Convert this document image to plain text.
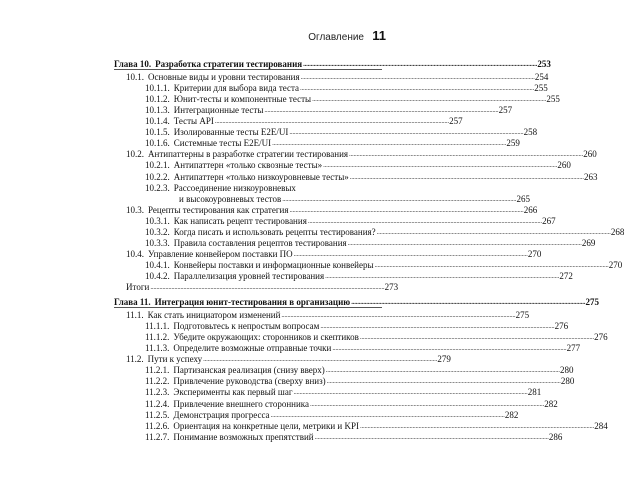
Оглавление 11
Глава 10. Разработка стратегии тестирования . . .	253
10.1. Основные виды и уровни тестирования . . .	254
10.1.1. Критерии для выбора вида теста . . .	255
10.1.2. Юнит-тесты и компонентные тесты . . .	255
10.1.3. Интеграционные тесты . . .	257
10.1.4. Тесты API . . .	257
10.1.5. Изолированные тесты E2E/UI . . .	258
10.1.6. Системные тесты E2E/UI . . .	259
10.2. Антипаттерны в разработке стратегии тестирования . . .	260
10.2.1. Антипаттерн «только сквозные тесты» . . .	260
10.2.2. Антипаттерн «только низкоуровневые тесты» . . .	263
10.2.3. Рассоединение низкоуровневых
и высокоуровневых тестов . . .	265
10.3. Рецепты тестирования как стратегия . . .	266
10.3.1. Как написать рецепт тестирования . . .	267
10.3.2. Когда писать и использовать рецепты тестирования? . . .	268
10.3.3. Правила составления рецептов тестирования . . .	269
10.4. Управление конвейером поставки ПО . . .	270
10.4.1. Конвейеры поставки и информационные конвейеры . . .	270
10.4.2. Параллелизация уровней тестирования . . .	272
Итоги . . .	273
Глава 11. Интеграция юнит-тестирования в организацию . . .	275
11.1. Как стать инициатором изменений . . .	275
11.1.1. Подготовьтесь к непростым вопросам . . .	276
11.1.2. Убедите окружающих: сторонников и скептиков . . .	276
11.1.3. Определите возможные отправные точки . . .	277
11.2. Пути к успеху . . .	279
11.2.1. Партизанская реализация (снизу вверх) . . .	280
11.2.2. Привлечение руководства (сверху вниз) . . .	280
11.2.3. Эксперименты как первый шаг . . .	281
11.2.4. Привлечение внешнего сторонника . . .	282
11.2.5. Демонстрация прогресса . . .	282
11.2.6. Ориентация на конкретные цели, метрики и KPI . . .	284
11.2.7. Понимание возможных препятствий . . .	286
